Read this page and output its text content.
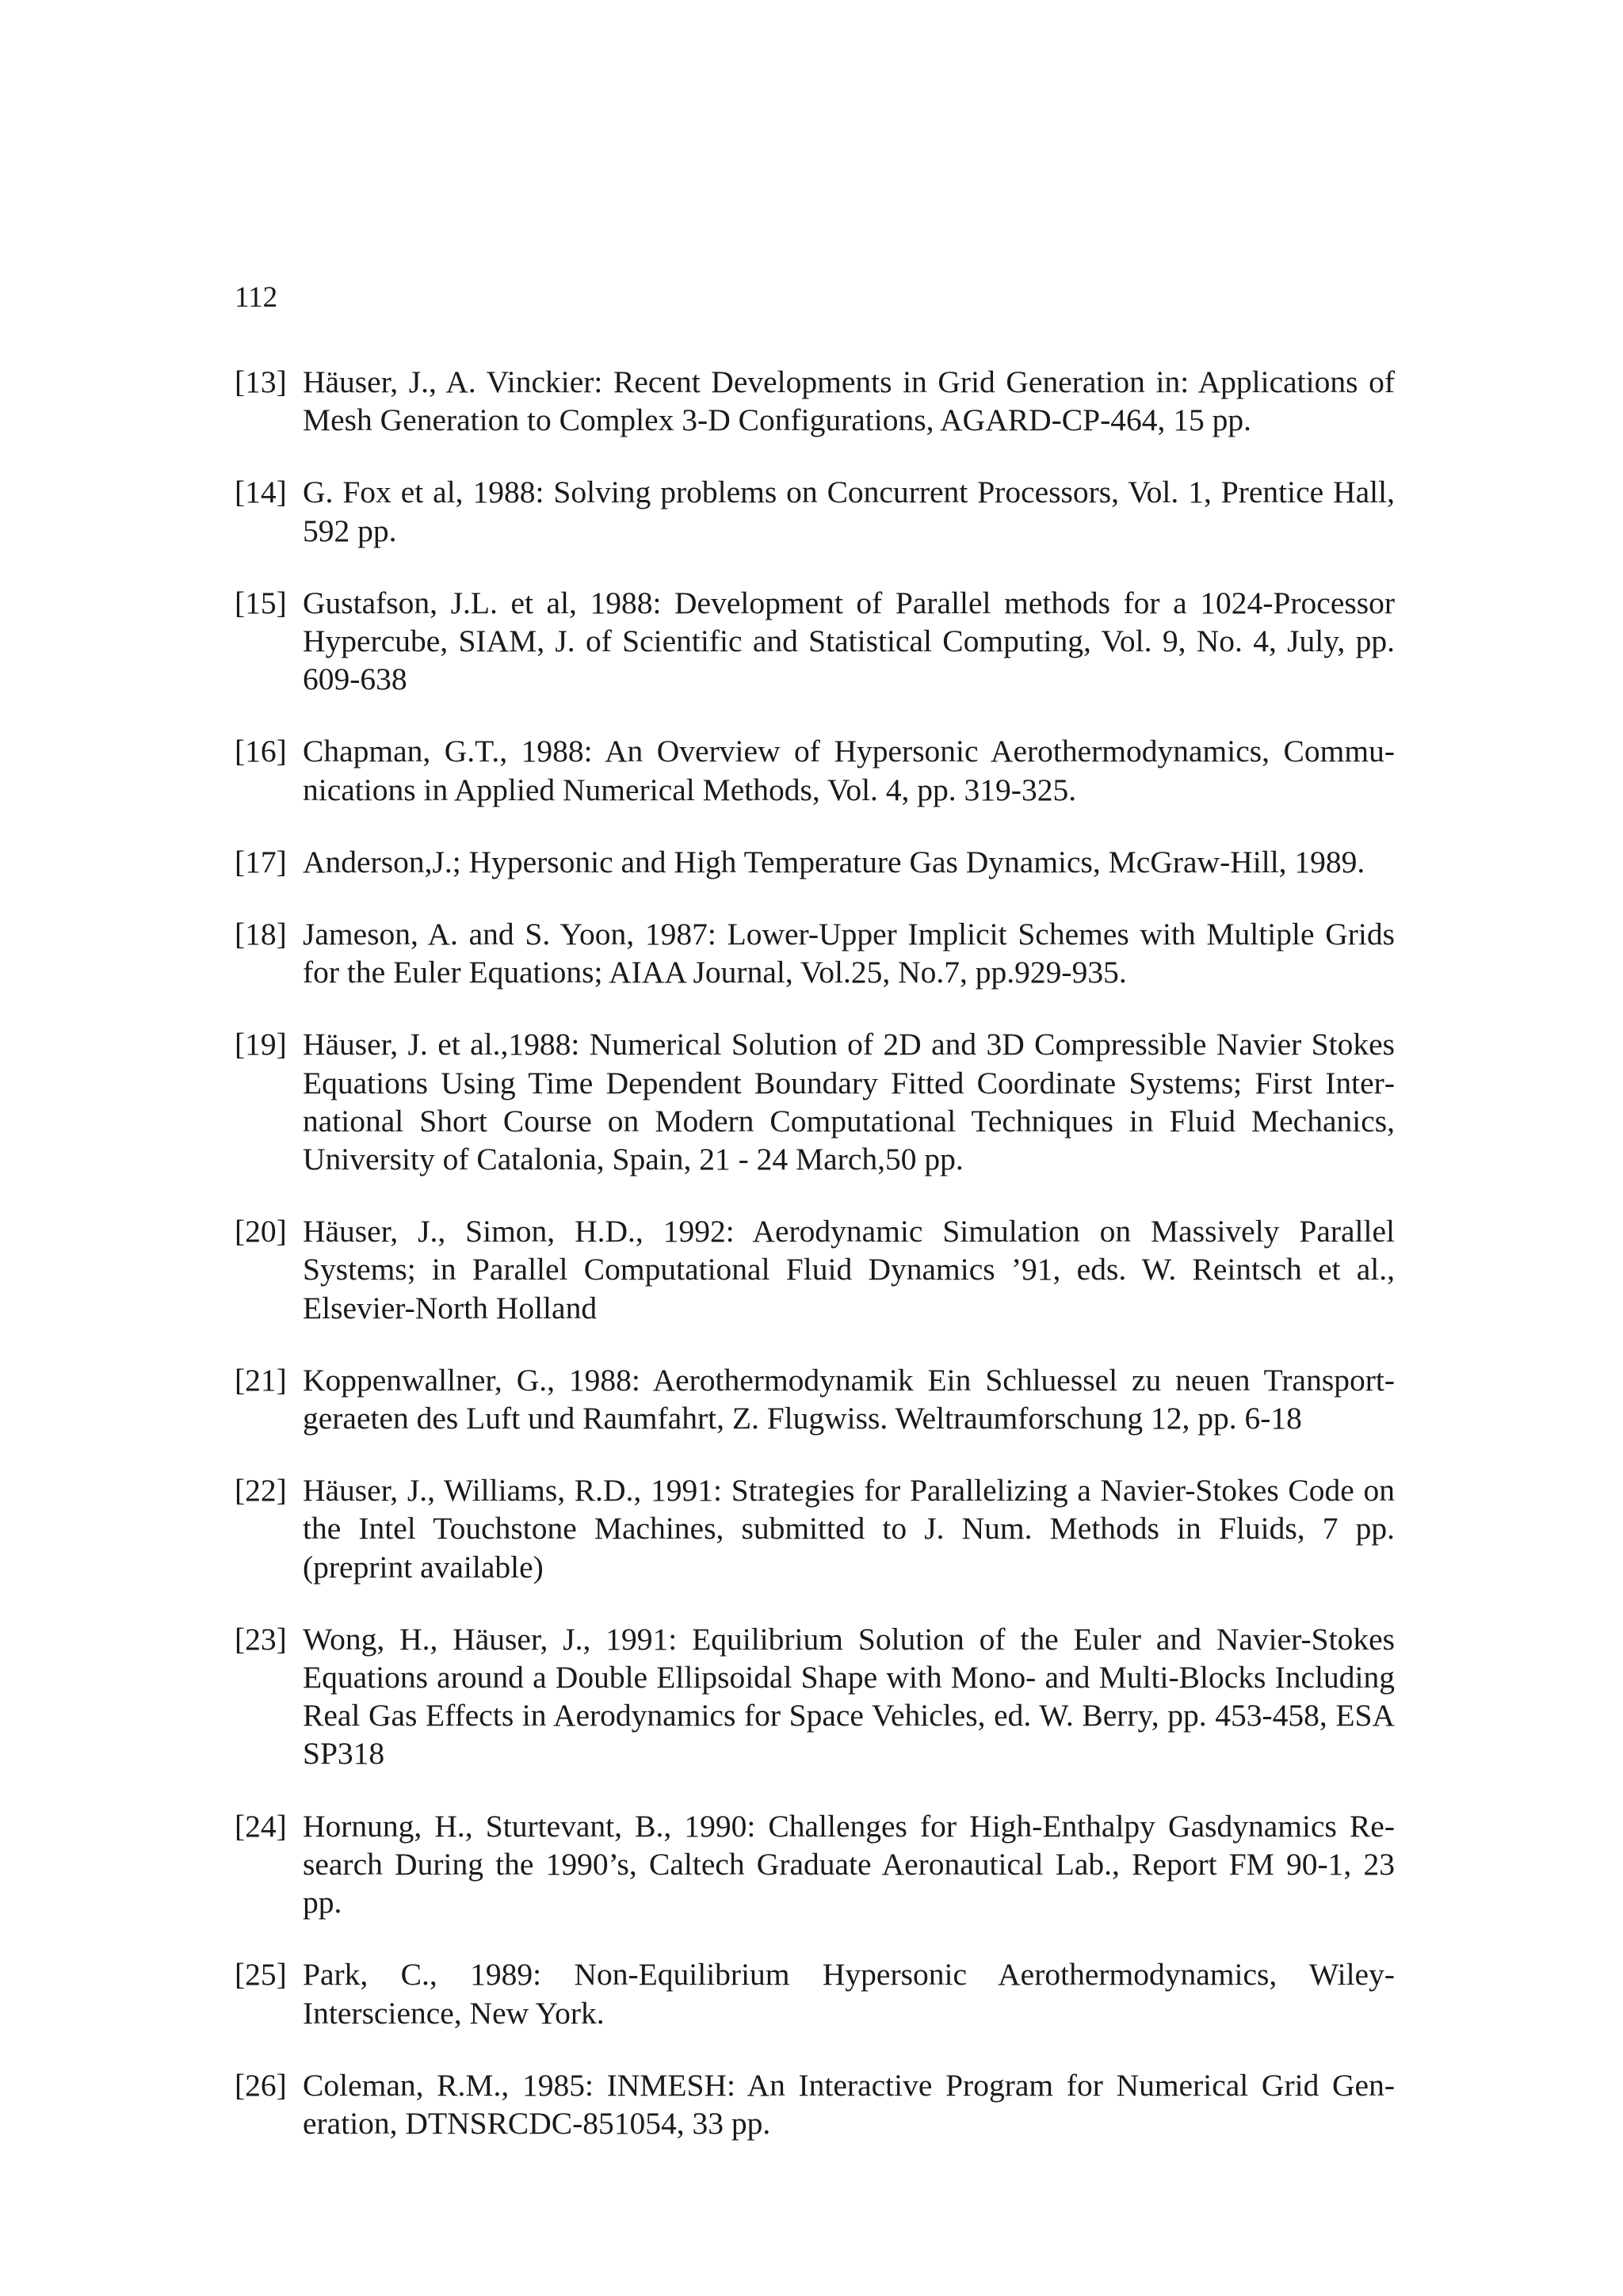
112
[13] Häuser, J., A. Vinckier: Recent Developments in Grid Generation in: Applications of Mesh Generation to Complex 3-D Configurations, AGARD-CP-464, 15 pp.
[14] G. Fox et al, 1988: Solving problems on Concurrent Processors, Vol. 1, Prentice Hall, 592 pp.
[15] Gustafson, J.L. et al, 1988: Development of Parallel methods for a 1024-Processor Hypercube, SIAM, J. of Scientific and Statistical Computing, Vol. 9, No. 4, July, pp. 609-638
[16] Chapman, G.T., 1988: An Overview of Hypersonic Aerothermodynamics, Communications in Applied Numerical Methods, Vol. 4, pp. 319-325.
[17] Anderson,J.; Hypersonic and High Temperature Gas Dynamics, McGraw-Hill, 1989.
[18] Jameson, A. and S. Yoon, 1987: Lower-Upper Implicit Schemes with Multiple Grids for the Euler Equations; AIAA Journal, Vol.25, No.7, pp.929-935.
[19] Häuser, J. et al.,1988: Numerical Solution of 2D and 3D Compressible Navier Stokes Equations Using Time Dependent Boundary Fitted Coordinate Systems; First International Short Course on Modern Computational Techniques in Fluid Mechanics, University of Catalonia, Spain, 21 - 24 March,50 pp.
[20] Häuser, J., Simon, H.D., 1992: Aerodynamic Simulation on Massively Parallel Systems; in Parallel Computational Fluid Dynamics ’91, eds. W. Reintsch et al., Elsevier-North Holland
[21] Koppenwallner, G., 1988: Aerothermodynamik Ein Schluessel zu neuen Transportgeraeten des Luft und Raumfahrt, Z. Flugwiss. Weltraumforschung 12, pp. 6-18
[22] Häuser, J., Williams, R.D., 1991: Strategies for Parallelizing a Navier-Stokes Code on the Intel Touchstone Machines, submitted to J. Num. Methods in Fluids, 7 pp. (preprint available)
[23] Wong, H., Häuser, J., 1991: Equilibrium Solution of the Euler and Navier-Stokes Equations around a Double Ellipsoidal Shape with Mono- and Multi-Blocks Including Real Gas Effects in Aerodynamics for Space Vehicles, ed. W. Berry, pp. 453-458, ESA SP318
[24] Hornung, H., Sturtevant, B., 1990: Challenges for High-Enthalpy Gasdynamics Research During the 1990’s, Caltech Graduate Aeronautical Lab., Report FM 90-1, 23 pp.
[25] Park, C., 1989: Non-Equilibrium Hypersonic Aerothermodynamics, Wiley-Interscience, New York.
[26] Coleman, R.M., 1985: INMESH: An Interactive Program for Numerical Grid Generation, DTNSRCDC-851054, 33 pp.
